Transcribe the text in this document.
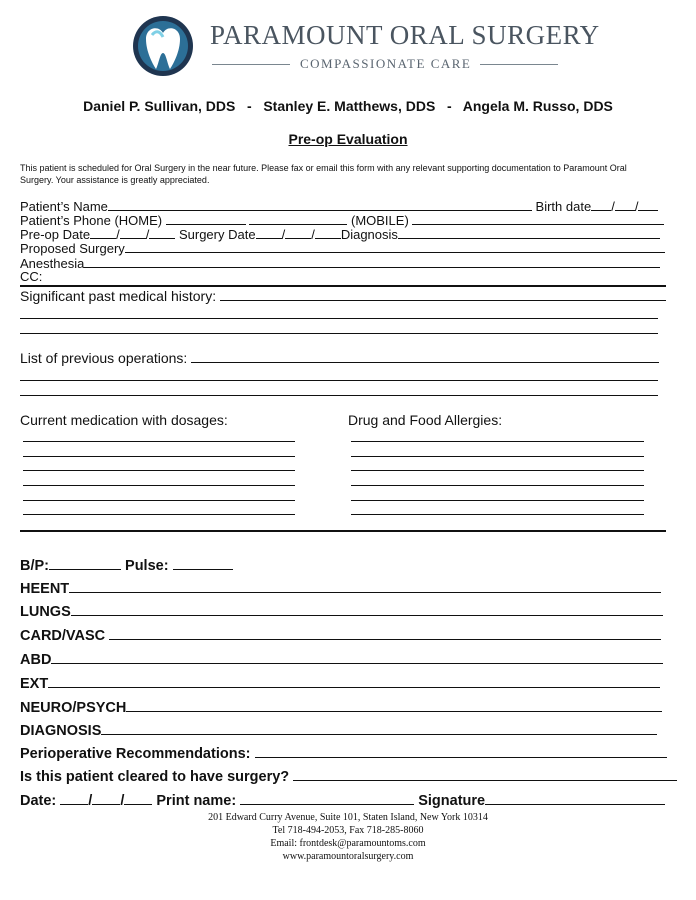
PARAMOUNT ORAL SURGERY
COMPASSIONATE CARE
Daniel P. Sullivan, DDS   -   Stanley E. Matthews, DDS   -   Angela M. Russo, DDS
Pre-op Evaluation
This patient is scheduled for Oral Surgery in the near future. Please fax or email this form with any relevant supporting documentation to Paramount Oral Surgery. Your assistance is greatly appreciated.
Patient’s Name	Birth date / /
Patient’s Phone (HOME)	(MOBILE)
Pre-op Date / / Surgery Date / / Diagnosis
Proposed Surgery
Anesthesia
CC:
Significant past medical history:
List of previous operations:
Current medication with dosages:	Drug and Food Allergies:
B/P:	Pulse:
HEENT
LUNGS
CARD/VASC
ABD
EXT
NEURO/PSYCH
DIAGNOSIS
Perioperative Recommendations:
Is this patient cleared to have surgery?
Date: / / Print name:	Signature
201 Edward Curry Avenue, Suite 101, Staten Island, New York 10314
Tel 718-494-2053, Fax 718-285-8060
Email: frontdesk@paramountoms.com
www.paramountoralsurgery.com
